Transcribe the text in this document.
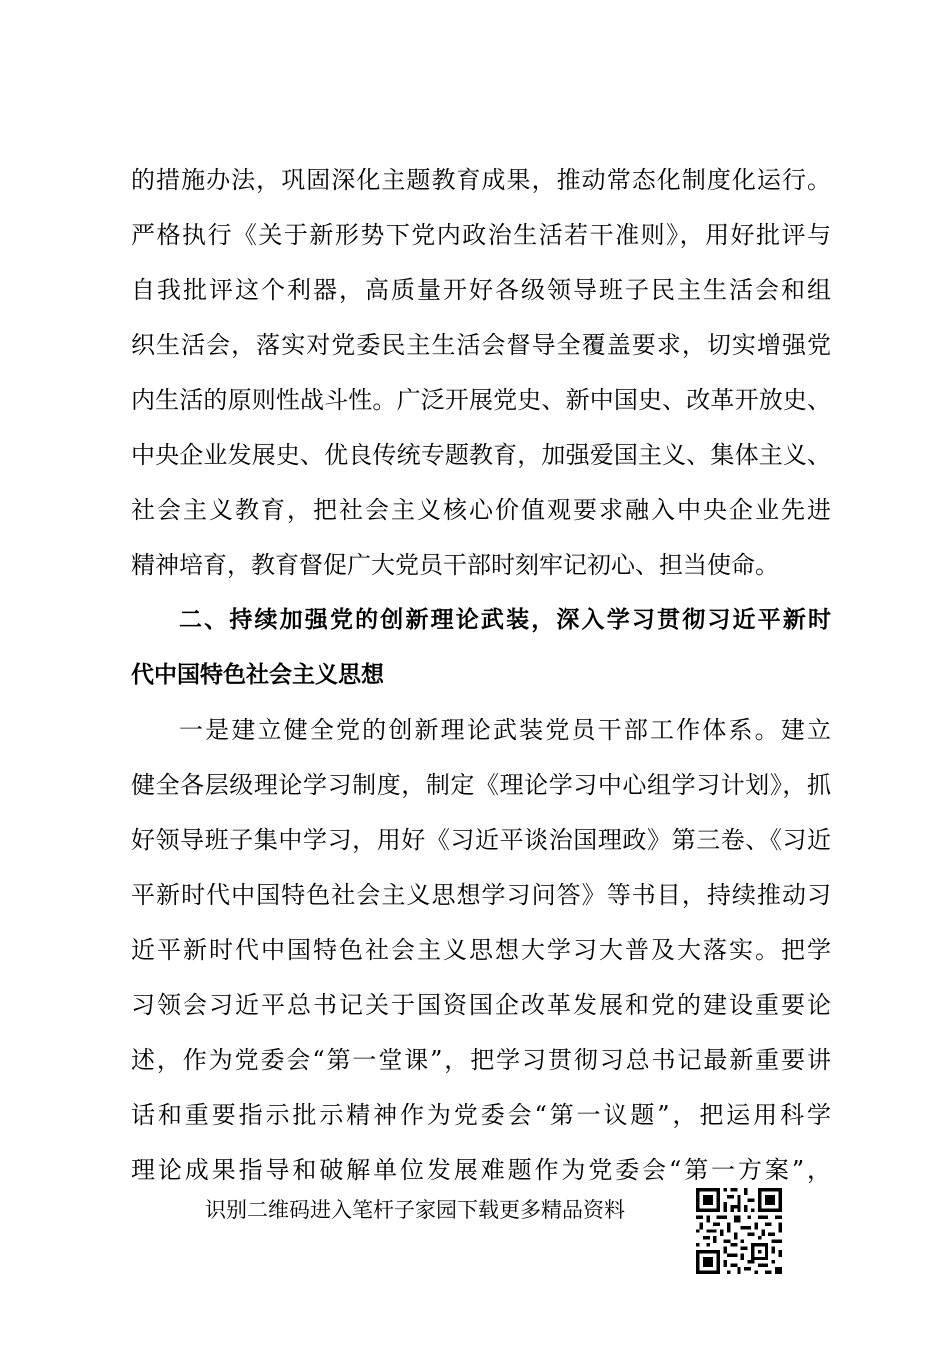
的措施办法，巩固深化主题教育成果，推动常态化制度化运行。
严格执行《关于新形势下党内政治生活若干准则》，用好批评与
自我批评这个利器，高质量开好各级领导班子民主生活会和组
织生活会，落实对党委民主生活会督导全覆盖要求，切实增强党
内生活的原则性战斗性。广泛开展党史、新中国史、改革开放史、
中央企业发展史、优良传统专题教育，加强爱国主义、集体主义、
社会主义教育，把社会主义核心价值观要求融入中央企业先进
精神培育，教育督促广大党员干部时刻牢记初心、担当使命。
二、持续加强党的创新理论武装，深入学习贯彻习近平新时
代中国特色社会主义思想
一是建立健全党的创新理论武装党员干部工作体系。建立
健全各层级理论学习制度，制定《理论学习中心组学习计划》，抓
好领导班子集中学习，用好《习近平谈治国理政》第三卷、《习近
平新时代中国特色社会主义思想学习问答》等书目，持续推动习
近平新时代中国特色社会主义思想大学习大普及大落实。把学
习领会习近平总书记关于国资国企改革发展和党的建设重要论
述，作为党委会“第一堂课”，把学习贯彻习总书记最新重要讲
话和重要指示批示精神作为党委会“第一议题”，把运用科学
理论成果指导和破解单位发展难题作为党委会“第一方案”，
识别二维码进入笔杆子家园下载更多精品资料
